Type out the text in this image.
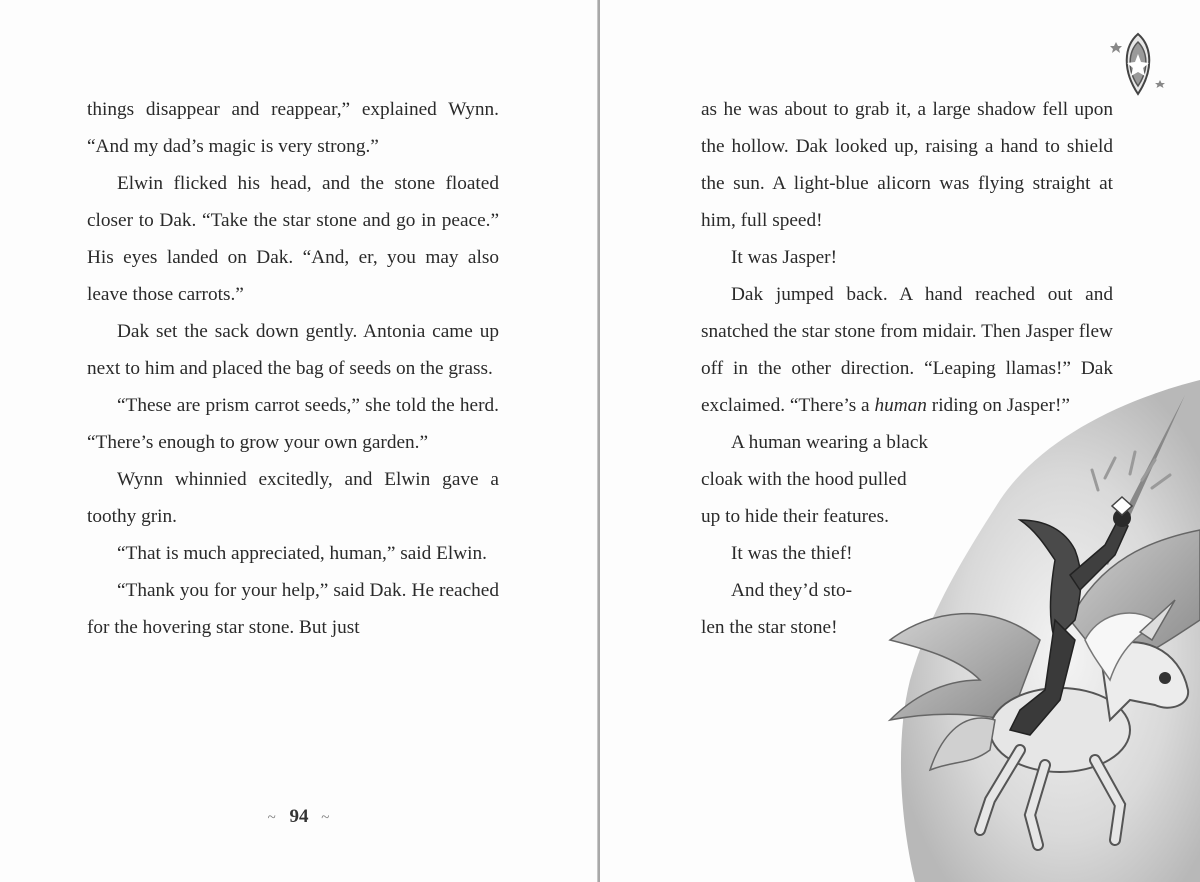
things disappear and reappear,” explained Wynn. “And my dad’s magic is very strong.”

Elwin flicked his head, and the stone floated closer to Dak. “Take the star stone and go in peace.” His eyes landed on Dak. “And, er, you may also leave those carrots.”

Dak set the sack down gently. Antonia came up next to him and placed the bag of seeds on the grass.

“These are prism carrot seeds,” she told the herd. “There’s enough to grow your own garden.”

Wynn whinnied excitedly, and Elwin gave a toothy grin.

“That is much appreciated, human,” said Elwin.

“Thank you for your help,” said Dak. He reached for the hovering star stone. But just

~ 94 ~

as he was about to grab it, a large shadow fell upon the hollow. Dak looked up, raising a hand to shield the sun. A light-blue alicorn was flying straight at him, full speed!

It was Jasper!

Dak jumped back. A hand reached out and snatched the star stone from midair. Then Jasper flew off in the other direction. “Leaping llamas!” Dak exclaimed. “There’s a human riding on Jasper!”

A human wearing a black

cloak with the hood pulled

up to hide their features.

It was the thief!

And they’d sto-

len the star stone!
